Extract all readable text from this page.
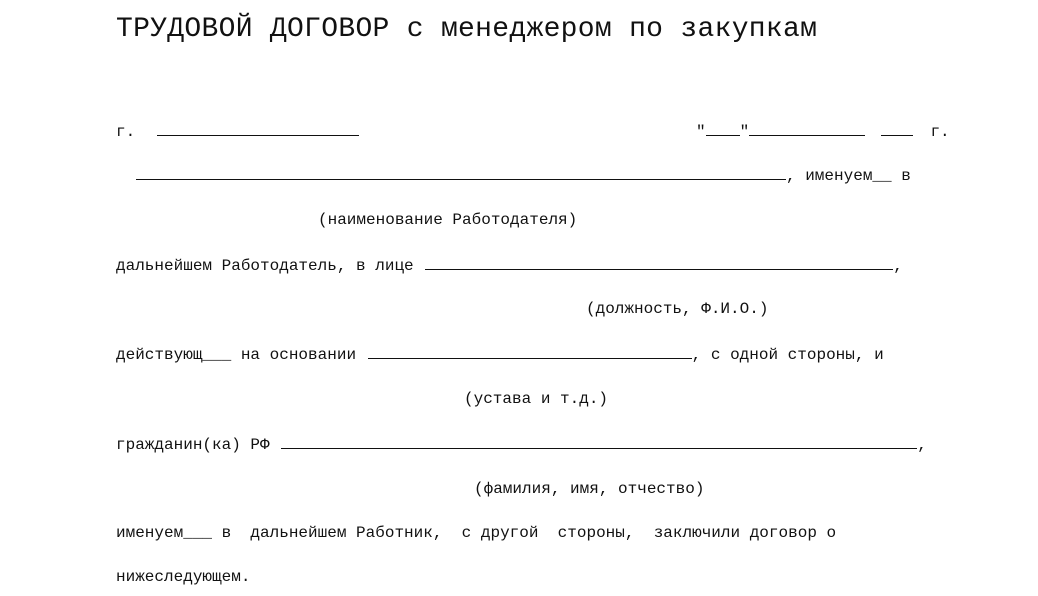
ТРУДОВОЙ ДОГОВОР с менеджером по закупкам
г.	" "	г.
, именуем__ в
(наименование Работодателя)
дальнейшем Работодатель, в лице	,
(должность, Ф.И.О.)
действующ___ на основании	, с одной стороны, и
(устава и т.д.)
гражданин(ка) РФ	,
(фамилия, имя, отчество)
именуем___ в  дальнейшем Работник,  с другой  стороны,  заключили договор о
нижеследующем.
